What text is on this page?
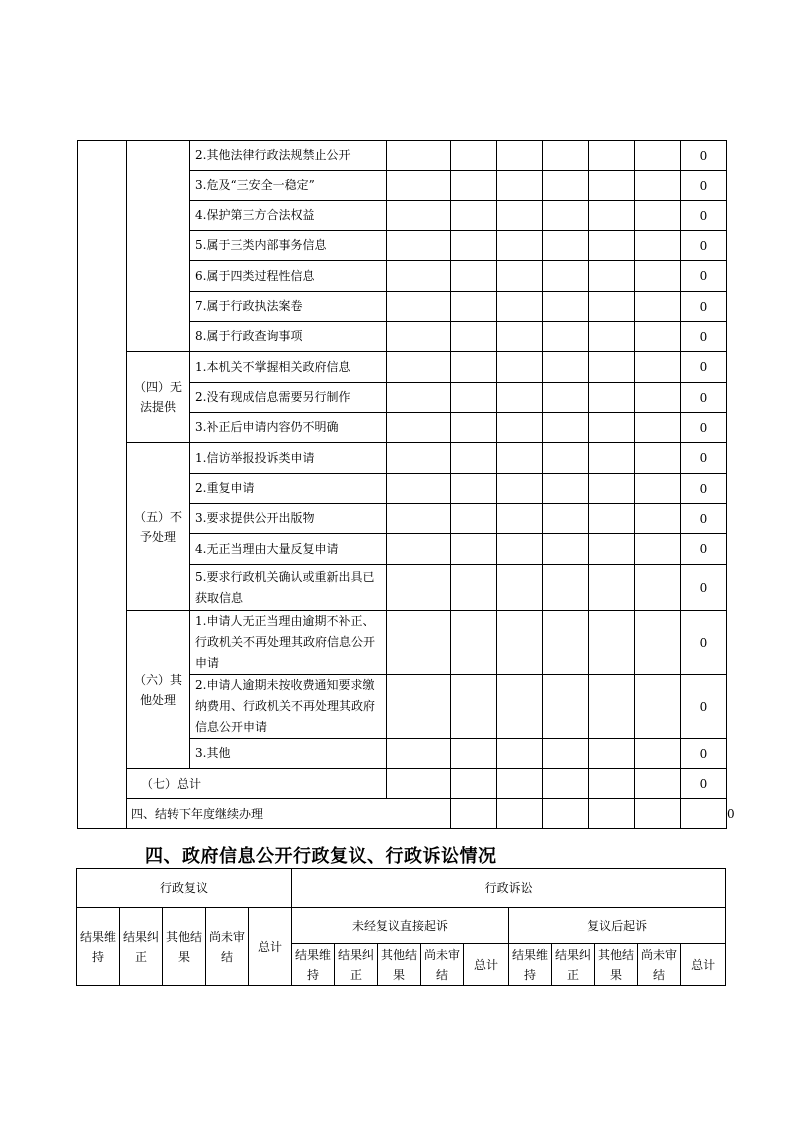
		2.其他法律行政法规禁止公开							0	
		3.危及“三安全一稳定”							0	
		4.保护第三方合法权益							0	
		5.属于三类内部事务信息							0	
		6.属于四类过程性信息							0	
		7.属于行政执法案卷							0	
		8.属于行政查询事项							0	
	（四）无法提供	1.本机关不掌握相关政府信息							0	
		2.没有现成信息需要另行制作							0	
		3.补正后申请内容仍不明确							0	
	（五）不予处理	1.信访举报投诉类申请							0	
		2.重复申请							0	
		3.要求提供公开出版物							0	
		4.无正当理由大量反复申请							0	
		5.要求行政机关确认或重新出具已获取信息							0	
	（六）其他处理	1.申请人无正当理由逾期不补正、行政机关不再处理其政府信息公开申请							0	
		2.申请人逾期未按收费通知要求缴纳费用、行政机关不再处理其政府信息公开申请							0	
		3.其他							0	
	（七）总计								0	
	四、结转下年度继续办理									0
四、政府信息公开行政复议、行政诉讼情况
行政复议					行政诉讼									
结果维持	结果纠正	其他结果	尚未审结	总计	未经复议直接起诉					复议后起诉				
					结果维持	结果纠正	其他结果	尚未审结	总计	结果维持	结果纠正	其他结果	尚未审结	总计
